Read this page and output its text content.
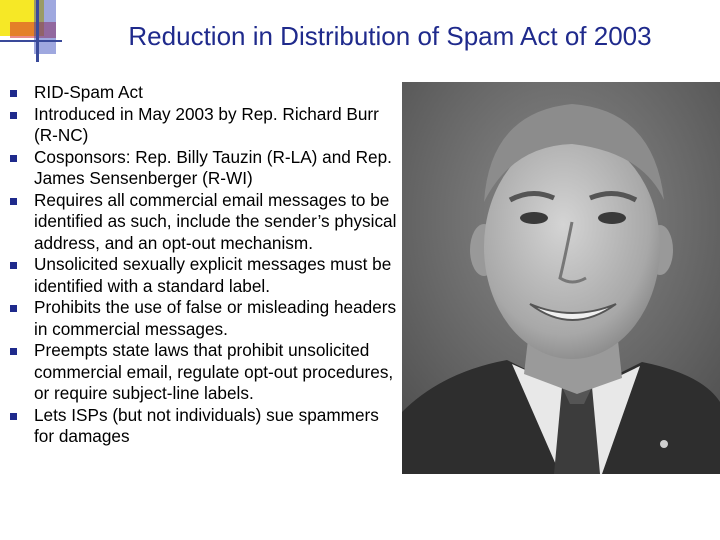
Reduction in Distribution of Spam Act of 2003
RID-Spam Act
Introduced in May 2003 by Rep. Richard Burr (R-NC)
Cosponsors: Rep. Billy Tauzin (R-LA) and Rep. James Sensenberger (R-WI)
Requires all commercial email messages to be identified as such, include the sender’s physical address, and an opt-out mechanism.
Unsolicited sexually explicit messages must be identified with a standard label.
Prohibits the use of false or misleading headers in commercial messages.
Preempts state laws that prohibit unsolicited commercial email, regulate opt-out procedures, or require subject-line labels.
Lets ISPs (but not individuals) sue spammers for damages
